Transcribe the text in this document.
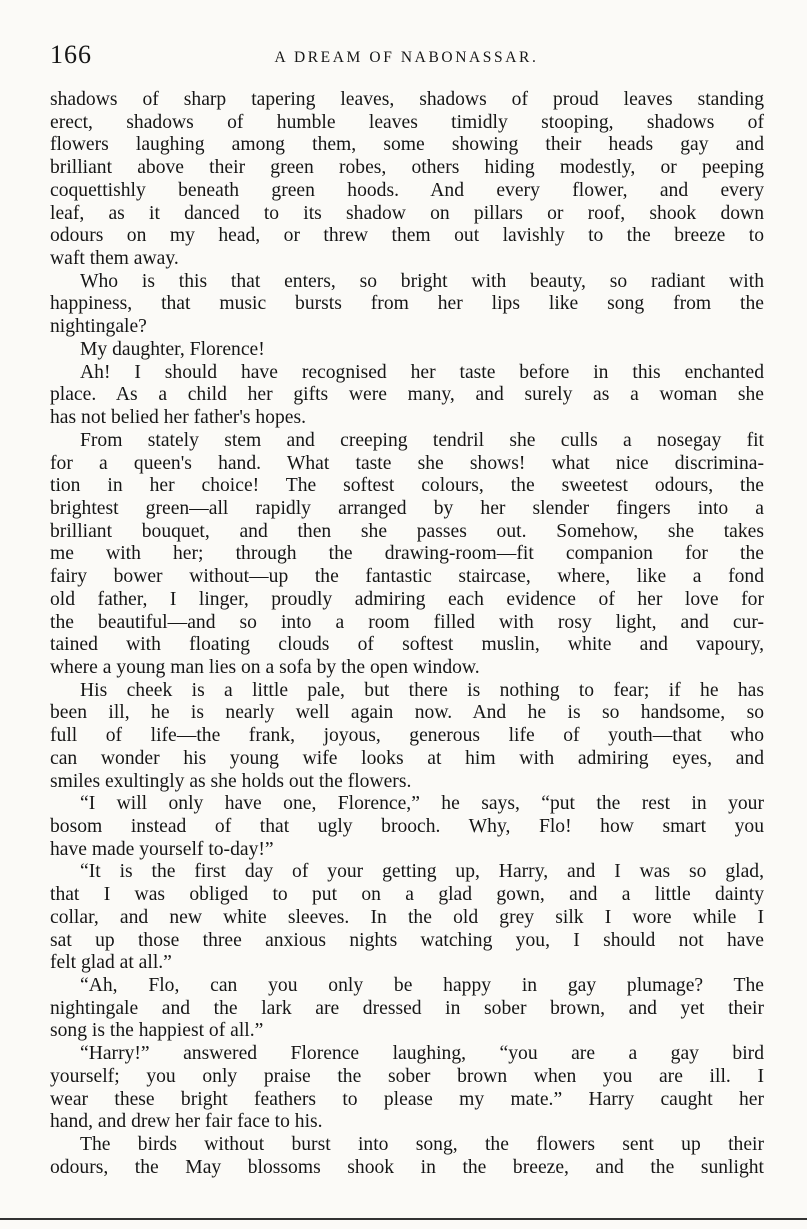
166	A DREAM OF NABONASSAR.
shadows of sharp tapering leaves, shadows of proud leaves standing
erect, shadows of humble leaves timidly stooping, shadows of
flowers laughing among them, some showing their heads gay and
brilliant above their green robes, others hiding modestly, or peeping
coquettishly beneath green hoods. And every flower, and every
leaf, as it danced to its shadow on pillars or roof, shook down
odours on my head, or threw them out lavishly to the breeze to
waft them away.
Who is this that enters, so bright with beauty, so radiant with
happiness, that music bursts from her lips like song from the
nightingale?
My daughter, Florence!
Ah! I should have recognised her taste before in this enchanted
place. As a child her gifts were many, and surely as a woman she
has not belied her father's hopes.
From stately stem and creeping tendril she culls a nosegay fit
for a queen's hand. What taste she shows! what nice discrimina-
tion in her choice! The softest colours, the sweetest odours, the
brightest green—all rapidly arranged by her slender fingers into a
brilliant bouquet, and then she passes out. Somehow, she takes
me with her; through the drawing-room—fit companion for the
fairy bower without—up the fantastic staircase, where, like a fond
old father, I linger, proudly admiring each evidence of her love for
the beautiful—and so into a room filled with rosy light, and cur-
tained with floating clouds of softest muslin, white and vapoury,
where a young man lies on a sofa by the open window.
His cheek is a little pale, but there is nothing to fear; if he has
been ill, he is nearly well again now. And he is so handsome, so
full of life—the frank, joyous, generous life of youth—that who
can wonder his young wife looks at him with admiring eyes, and
smiles exultingly as she holds out the flowers.
“I will only have one, Florence,” he says, “put the rest in your
bosom instead of that ugly brooch. Why, Flo! how smart you
have made yourself to-day!”
“It is the first day of your getting up, Harry, and I was so glad,
that I was obliged to put on a glad gown, and a little dainty
collar, and new white sleeves. In the old grey silk I wore while I
sat up those three anxious nights watching you, I should not have
felt glad at all.”
“Ah, Flo, can you only be happy in gay plumage? The
nightingale and the lark are dressed in sober brown, and yet their
song is the happiest of all.”
“Harry!” answered Florence laughing, “you are a gay bird
yourself; you only praise the sober brown when you are ill. I
wear these bright feathers to please my mate.” Harry caught her
hand, and drew her fair face to his.
The birds without burst into song, the flowers sent up their
odours, the May blossoms shook in the breeze, and the sunlight
